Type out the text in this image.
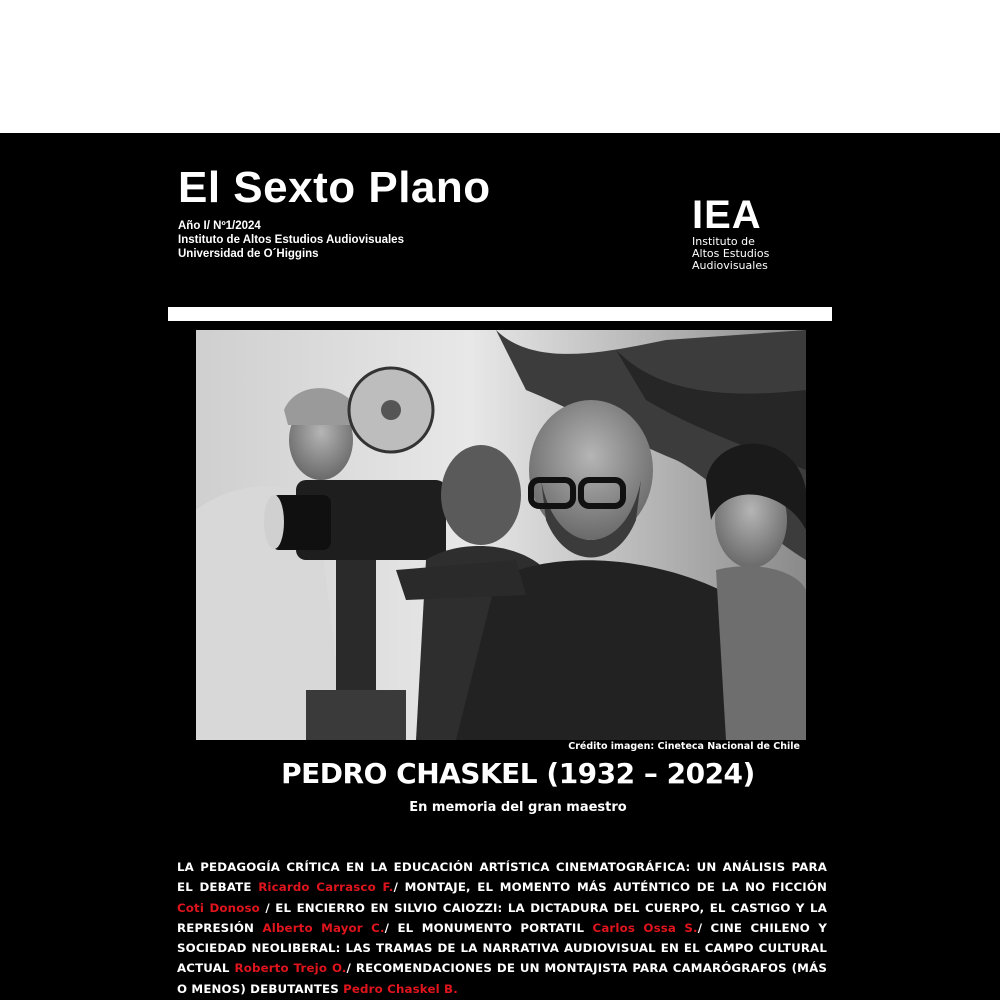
El Sexto Plano
Año I/ Nº1/2024
Instituto de Altos Estudios Audiovisuales
Universidad de O´Higgins
IEA
Instituto de
Altos Estudios
Audiovisuales
Crédito imagen: Cineteca Nacional de Chile
PEDRO CHASKEL (1932 – 2024)
En memoria del gran maestro
LA PEDAGOGÍA CRÍTICA EN LA EDUCACIÓN ARTÍSTICA CINEMATOGRÁFICA: UN ANÁLISIS PARA EL DEBATE Ricardo Carrasco F./ MONTAJE, EL MOMENTO MÁS AUTÉNTICO DE LA NO FICCIÓN Coti Donoso / EL ENCIERRO EN SILVIO CAIOZZI: LA DICTADURA DEL CUERPO, EL CASTIGO Y LA REPRESIÓN Alberto Mayor C./ EL MONUMENTO PORTATIL Carlos Ossa S./ CINE CHILENO Y SOCIEDAD NEOLIBERAL: LAS TRAMAS DE LA NARRATIVA AUDIOVISUAL EN EL CAMPO CULTURAL ACTUAL Roberto Trejo O./ RECOMENDACIONES DE UN MONTAJISTA PARA CAMARÓGRAFOS (MÁS O MENOS) DEBUTANTES Pedro Chaskel B.
